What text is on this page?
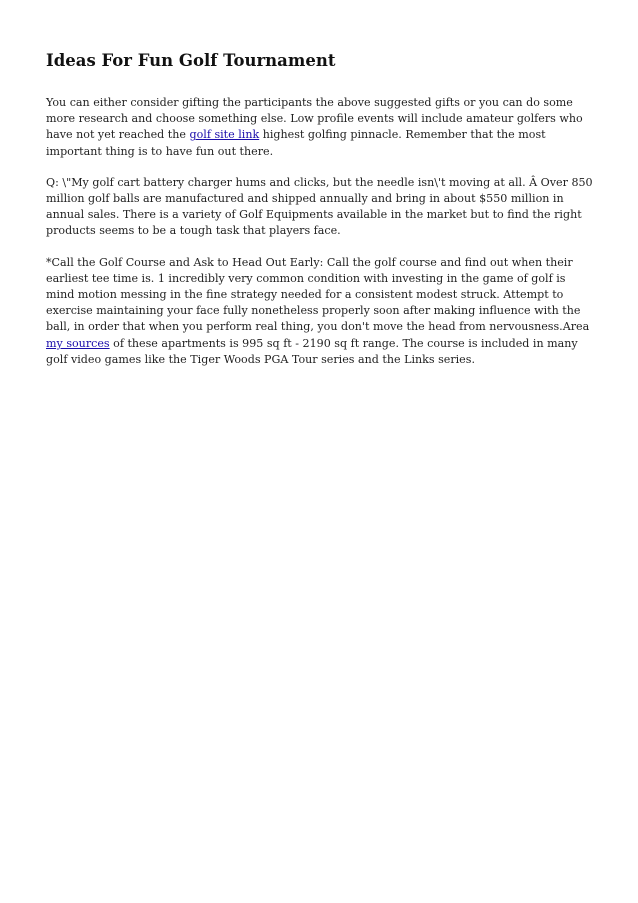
Ideas For Fun Golf Tournament

You can either consider gifting the participants the above suggested gifts or you can do some more research and choose something else. Low profile events will include amateur golfers who have not yet reached the golf site link highest golfing pinnacle. Remember that the most important thing is to have fun out there.

Q: \"My golf cart battery charger hums and clicks, but the needle isn\'t moving at all. Â Over 850 million golf balls are manufactured and shipped annually and bring in about $550 million in annual sales. There is a variety of Golf Equipments available in the market but to find the right products seems to be a tough task that players face.

*Call the Golf Course and Ask to Head Out Early: Call the golf course and find out when their earliest tee time is. 1 incredibly very common condition with investing in the game of golf is mind motion messing in the fine strategy needed for a consistent modest struck. Attempt to exercise maintaining your face fully nonetheless properly soon after making influence with the ball, in order that when you perform real thing, you don't move the head from nervousness.Area my sources of these apartments is 995 sq ft - 2190 sq ft range. The course is included in many golf video games like the Tiger Woods PGA Tour series and the Links series.
